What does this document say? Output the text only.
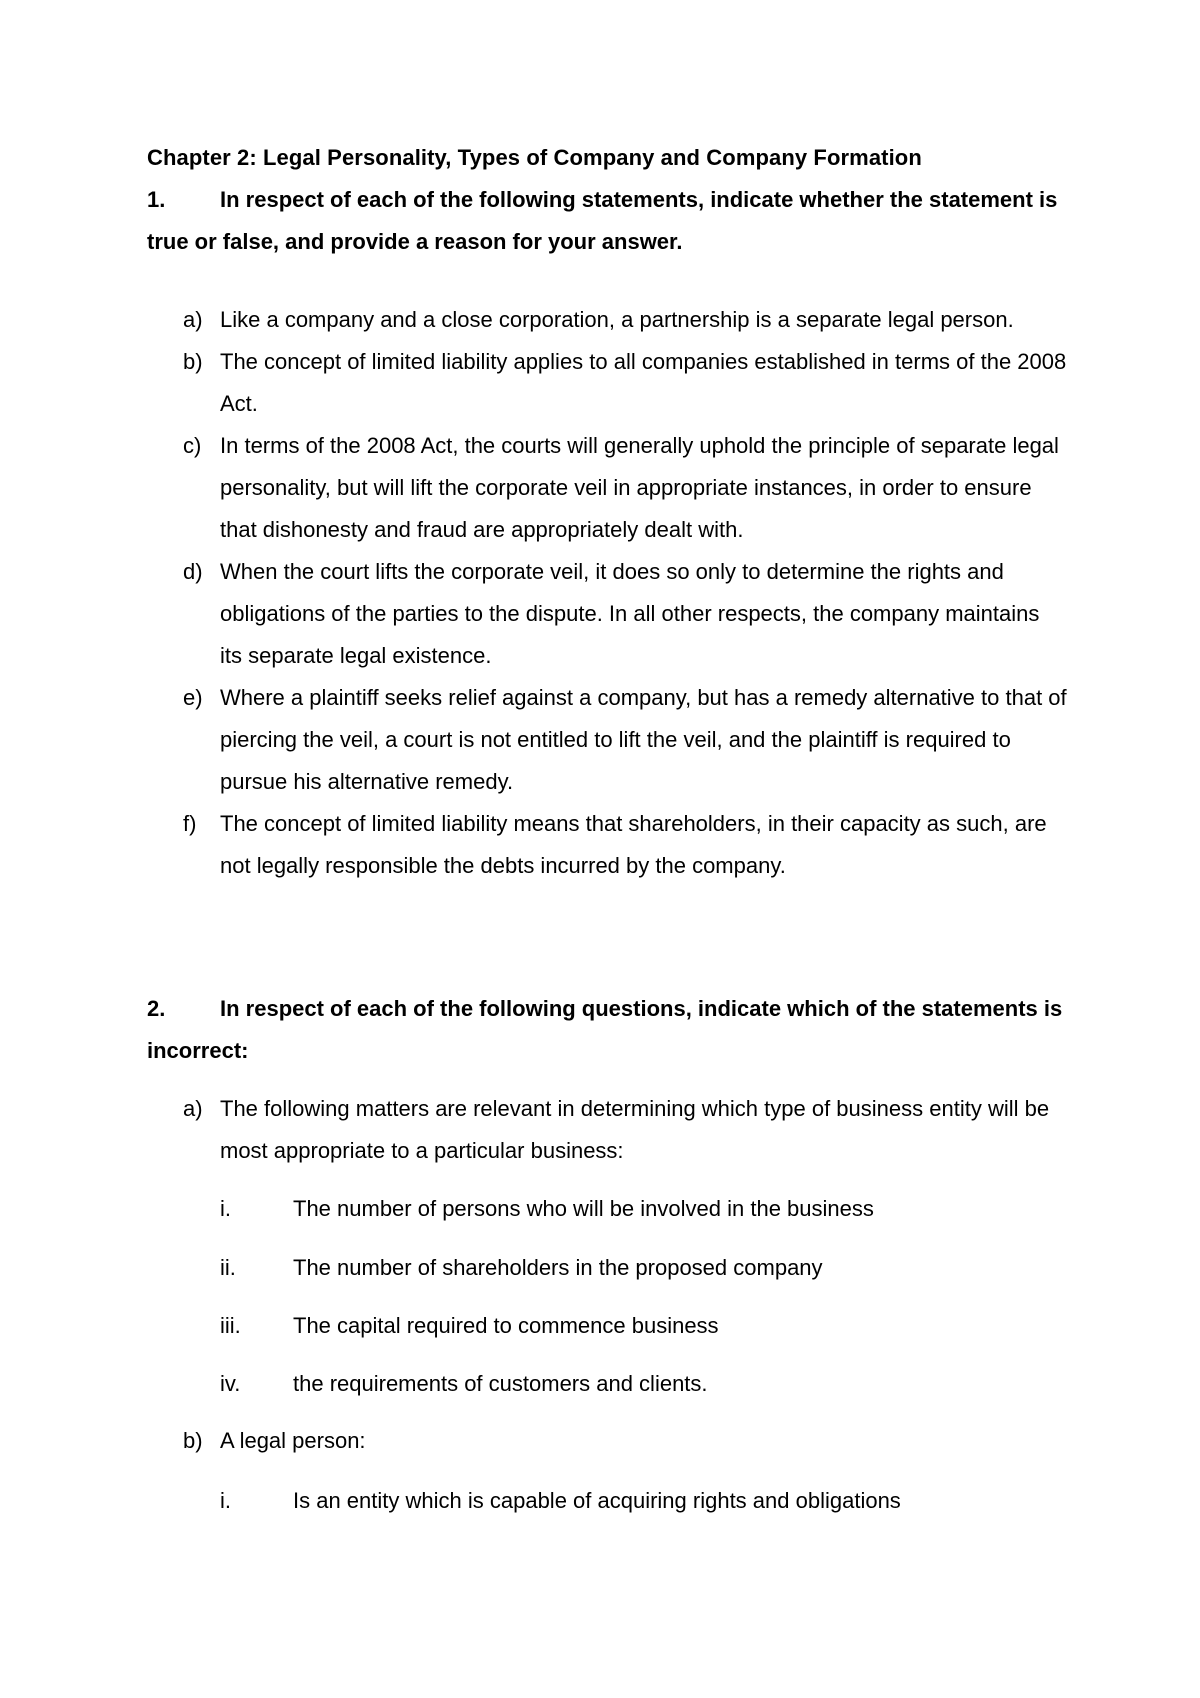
Chapter 2: Legal Personality, Types of Company and Company Formation
1. In respect of each of the following statements, indicate whether the statement is true or false, and provide a reason for your answer.
a) Like a company and a close corporation, a partnership is a separate legal person.
b) The concept of limited liability applies to all companies established in terms of the 2008 Act.
c) In terms of the 2008 Act, the courts will generally uphold the principle of separate legal personality, but will lift the corporate veil in appropriate instances, in order to ensure that dishonesty and fraud are appropriately dealt with.
d) When the court lifts the corporate veil, it does so only to determine the rights and obligations of the parties to the dispute. In all other respects, the company maintains its separate legal existence.
e) Where a plaintiff seeks relief against a company, but has a remedy alternative to that of piercing the veil, a court is not entitled to lift the veil, and the plaintiff is required to pursue his alternative remedy.
f) The concept of limited liability means that shareholders, in their capacity as such, are not legally responsible the debts incurred by the company.
2. In respect of each of the following questions, indicate which of the statements is incorrect:
a) The following matters are relevant in determining which type of business entity will be most appropriate to a particular business:
i.	The number of persons who will be involved in the business
ii.	The number of shareholders in the proposed company
iii. The capital required to commence business
iv. the requirements of customers and clients.
b) A legal person:
i.	Is an entity which is capable of acquiring rights and obligations
